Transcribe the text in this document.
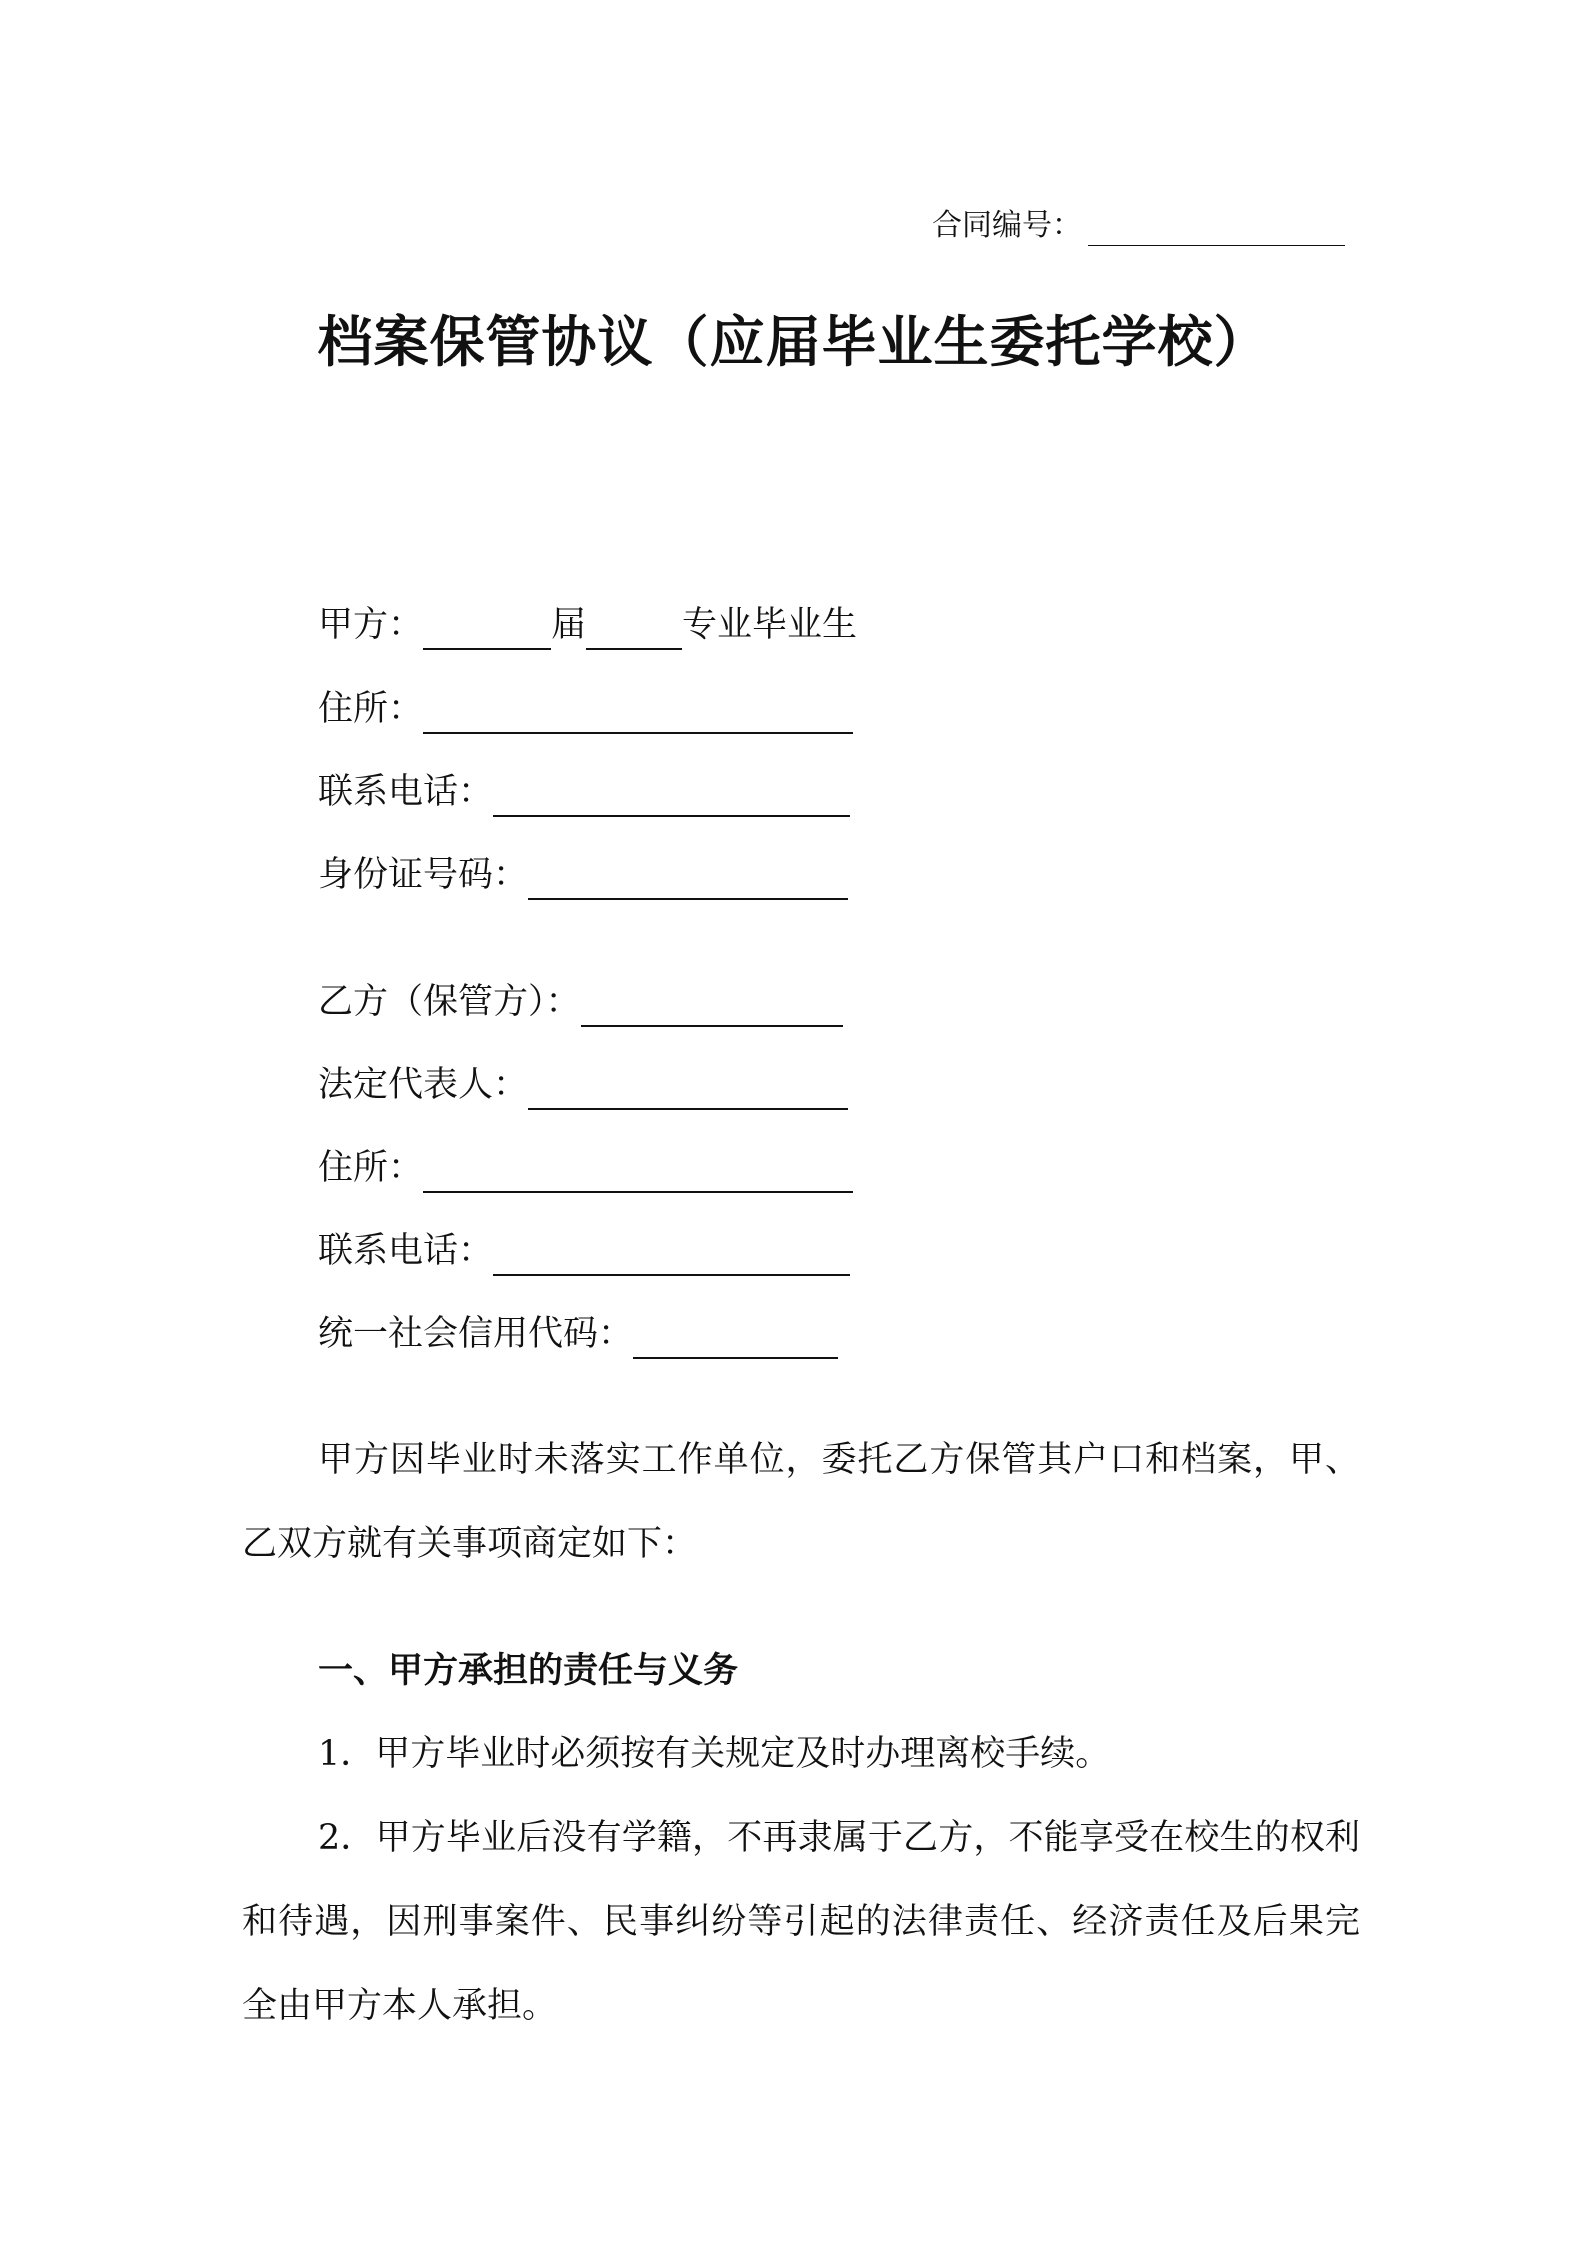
合同编号：
档案保管协议（应届毕业生委托学校）
甲方：	届	专业毕业生
住所：
联系电话：
身份证号码：
乙方（保管方）：
法定代表人：
住所：
联系电话：
统一社会信用代码：
甲方因毕业时未落实工作单位，委托乙方保管其户口和档案，甲、乙双方就有关事项商定如下：
一、甲方承担的责任与义务
1．甲方毕业时必须按有关规定及时办理离校手续。
2．甲方毕业后没有学籍，不再隶属于乙方，不能享受在校生的权利和待遇，因刑事案件、民事纠纷等引起的法律责任、经济责任及后果完全由甲方本人承担。
